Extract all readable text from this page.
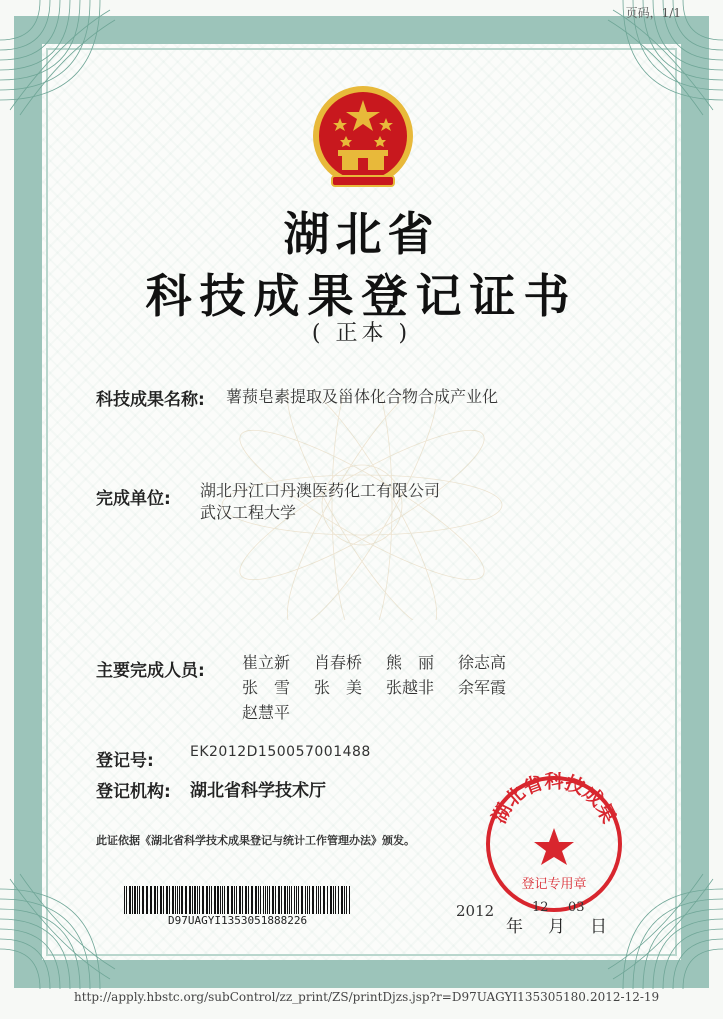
页码，1/1
湖北省
科技成果登记证书
( 正本 )
科技成果名称: 薯蓣皂素提取及甾体化合物合成产业化
完成单位: 湖北丹江口丹澳医药化工有限公司
武汉工程大学
主要完成人员: 崔立新	肖春桥	熊　丽	徐志高
张　雪	张　美	张越非	余军霞
赵慧平
登记号:	EK2012D150057001488
登记机构: 湖北省科学技术厅
此证依据《湖北省科学技术成果登记与统计工作管理办法》颁发。
D97UAGYI1353051888226
湖北省科技成果
登记专用章
2012
年
12
月
03
日
http://apply.hbstc.org/subControl/zz_print/ZS/printDjzs.jsp?r=D97UAGYI135305180...
2012-12-19
